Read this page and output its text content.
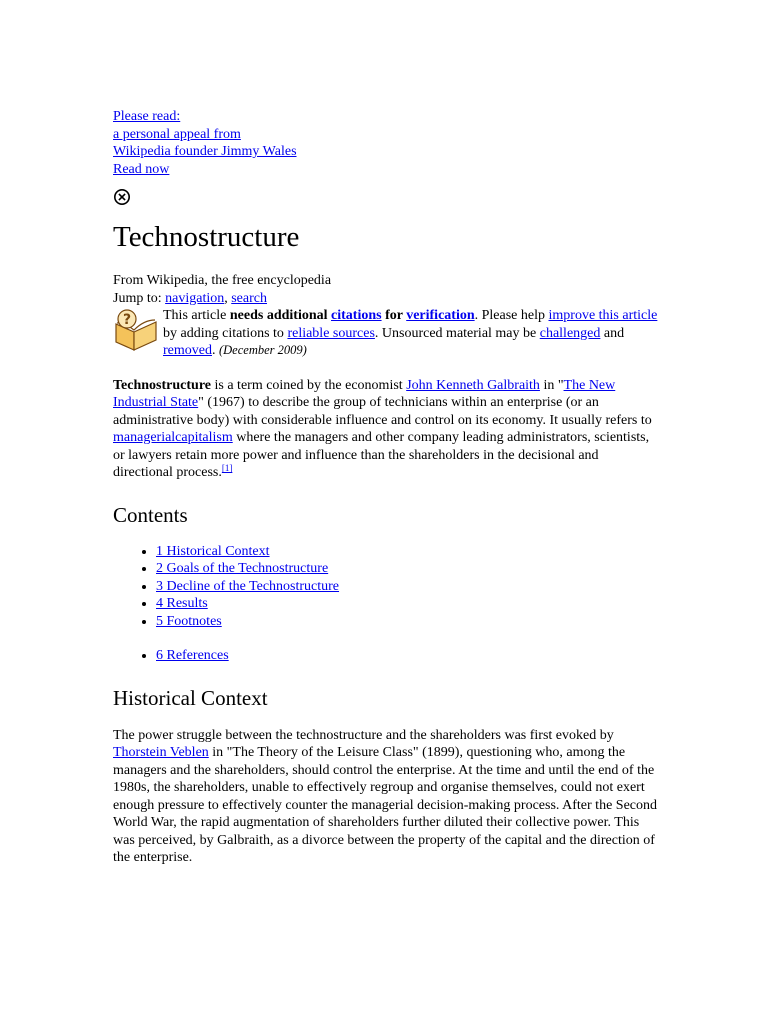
Please read:
a personal appeal from
Wikipedia founder Jimmy Wales
Read now
Technostructure

From Wikipedia, the free encyclopedia

Jump to: navigation, search

? This article needs additional citations for verification. Please help improve this article by adding citations to reliable sources. Unsourced material may be challenged and removed. (December 2009)

Technostructure is a term coined by the economist John Kenneth Galbraith in "The New Industrial State" (1967) to describe the group of technicians within an enterprise (or an administrative body) with considerable influence and control on its economy. It usually refers to managerialcapitalism where the managers and other company leading administrators, scientists, or lawyers retain more power and influence than the shareholders in the decisional and directional process.[1]

Contents
• 1 Historical Context
• 2 Goals of the Technostructure
• 3 Decline of the Technostructure
• 4 Results
• 5 Footnotes
• 6 References
Historical Context

The power struggle between the technostructure and the shareholders was first evoked by Thorstein Veblen in "The Theory of the Leisure Class" (1899), questioning who, among the managers and the shareholders, should control the enterprise. At the time and until the end of the 1980s, the shareholders, unable to effectively regroup and organise themselves, could not exert enough pressure to effectively counter the managerial decision-making process. After the Second World War, the rapid augmentation of shareholders further diluted their collective power. This was perceived, by Galbraith, as a divorce between the property of the capital and the direction of the enterprise.
